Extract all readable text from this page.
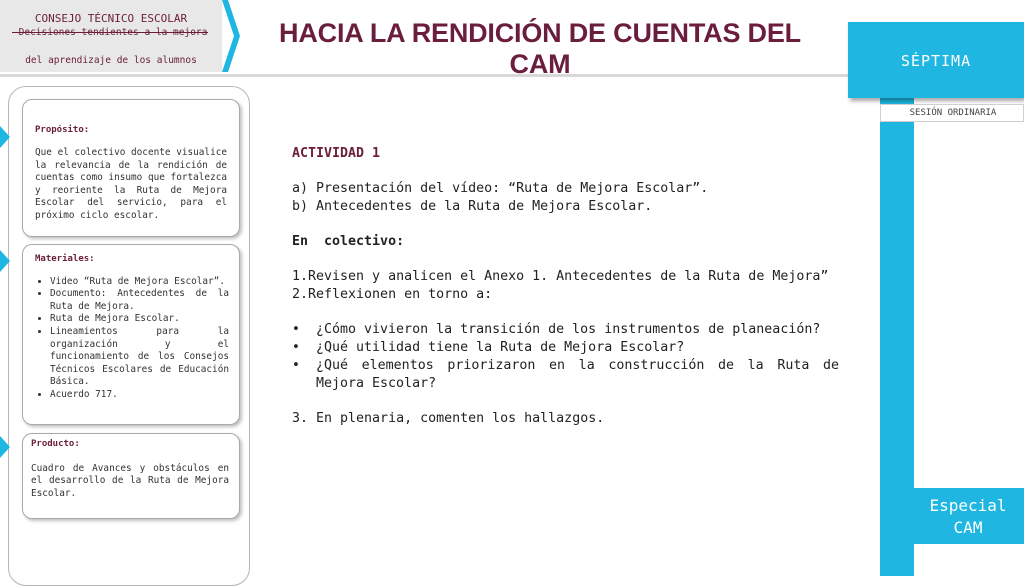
CONSEJO TÉCNICO ESCOLAR
Decisiones tendientes a la mejora
del aprendizaje de los alumnos
HACIA LA RENDICIÓN DE CUENTAS DEL CAM	SÉPTIMA
SESIÓN ORDINARIA
Especial
CAM
Propósito:
Que el colectivo docente visualice la relevancia de la rendición de cuentas como insumo que fortalezca y reoriente la Ruta de Mejora Escolar del servicio, para el próximo ciclo escolar.
Materiales:
• Video “Ruta de Mejora Escolar”.
• Documento: Antecedentes de la Ruta de Mejora.
• Ruta de Mejora Escolar.
• Lineamientos para la organización y el funcionamiento de los Consejos Técnicos Escolares de Educación Básica.
• Acuerdo 717.
Producto:
Cuadro de Avances y obstáculos en el desarrollo de la Ruta de Mejora Escolar.

ACTIVIDAD 1

a) Presentación del vídeo: “Ruta de Mejora Escolar”.

b) Antecedentes de la Ruta de Mejora Escolar.

En  colectivo:

1.Revisen y analicen el Anexo 1. Antecedentes de la Ruta de Mejora”

2.Reflexionen en torno a:

• ¿Cómo vivieron la transición de los instrumentos de planeación?
• ¿Qué utilidad tiene la Ruta de Mejora Escolar?
• ¿Qué elementos priorizaron en la construcción de la Ruta de Mejora Escolar?

3. En plenaria, comenten los hallazgos.
